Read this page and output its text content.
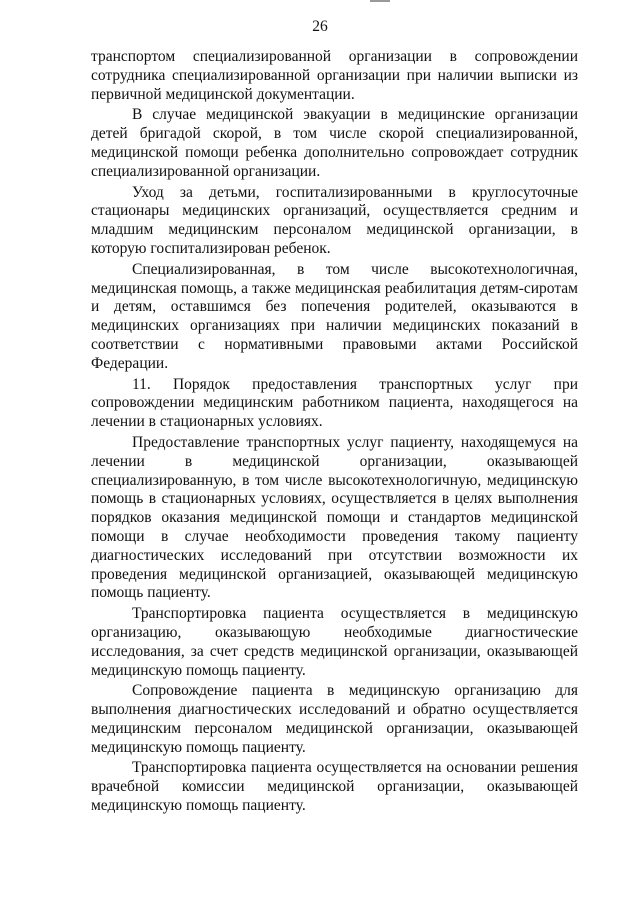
26

транспортом специализированной организации в сопровождении сотрудника специализированной организации при наличии выписки из первичной медицинской документации.

В случае медицинской эвакуации в медицинские организации детей бригадой скорой, в том числе скорой специализированной, медицинской помощи ребенка дополнительно сопровождает сотрудник специализированной организации.

Уход за детьми, госпитализированными в круглосуточные стационары медицинских организаций, осуществляется средним и младшим медицинским персоналом медицинской организации, в которую госпитализирован ребенок.

Специализированная, в том числе высокотехнологичная, медицинская помощь, а также медицинская реабилитация детям-сиротам и детям, оставшимся без попечения родителей, оказываются в медицинских организациях при наличии медицинских показаний в соответствии с нормативными правовыми актами Российской Федерации.

11. Порядок предоставления транспортных услуг при сопровождении медицинским работником пациента, находящегося на лечении в стационарных условиях.

Предоставление транспортных услуг пациенту, находящемуся на лечении в медицинской организации, оказывающей специализированную, в том числе высокотехнологичную, медицинскую помощь в стационарных условиях, осуществляется в целях выполнения порядков оказания медицинской помощи и стандартов медицинской помощи в случае необходимости проведения такому пациенту диагностических исследований при отсутствии возможности их проведения медицинской организацией, оказывающей медицинскую помощь пациенту.

Транспортировка пациента осуществляется в медицинскую организацию, оказывающую необходимые диагностические исследования, за счет средств медицинской организации, оказывающей медицинскую помощь пациенту.

Сопровождение пациента в медицинскую организацию для выполнения диагностических исследований и обратно осуществляется медицинским персоналом медицинской организации, оказывающей медицинскую помощь пациенту.

Транспортировка пациента осуществляется на основании решения врачебной комиссии медицинской организации, оказывающей медицинскую помощь пациенту.
